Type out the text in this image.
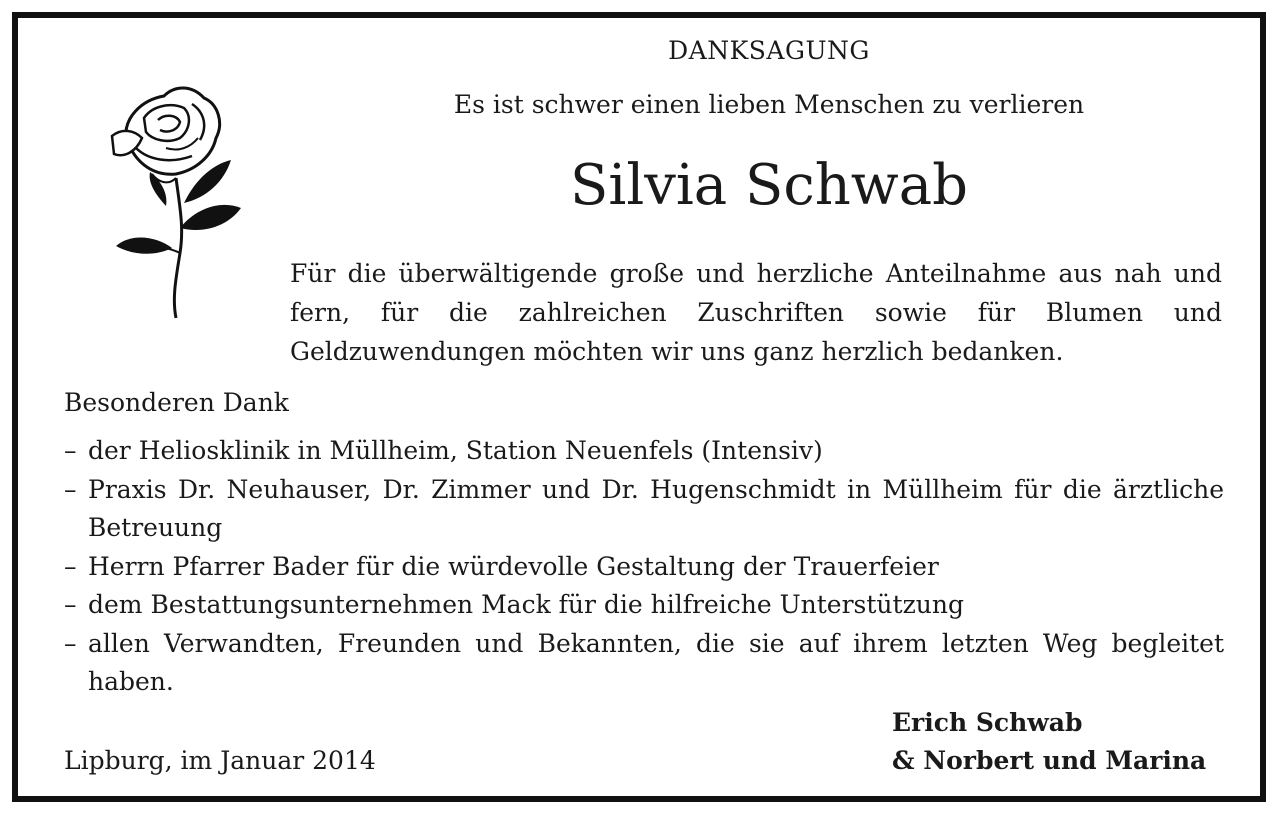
DANKSAGUNG
Es ist schwer einen lieben Menschen zu verlieren
Silvia Schwab
Für die überwältigende große und herzliche Anteilnahme aus nah und fern, für die zahlreichen Zuschriften sowie für Blumen und Geldzuwendungen möchten wir uns ganz herzlich bedanken.
Besonderen Dank
– der Heliosklinik in Müllheim, Station Neuenfels (Intensiv)
– Praxis Dr. Neuhauser, Dr. Zimmer und Dr. Hugenschmidt in Müllheim für die ärztliche Betreuung
– Herrn Pfarrer Bader für die würdevolle Gestaltung der Trauerfeier
– dem Bestattungsunternehmen Mack für die hilfreiche Unterstützung
– allen Verwandten, Freunden und Bekannten, die sie auf ihrem letzten Weg begleitet haben.
Lipburg, im Januar 2014
Erich Schwab
& Norbert und Marina
